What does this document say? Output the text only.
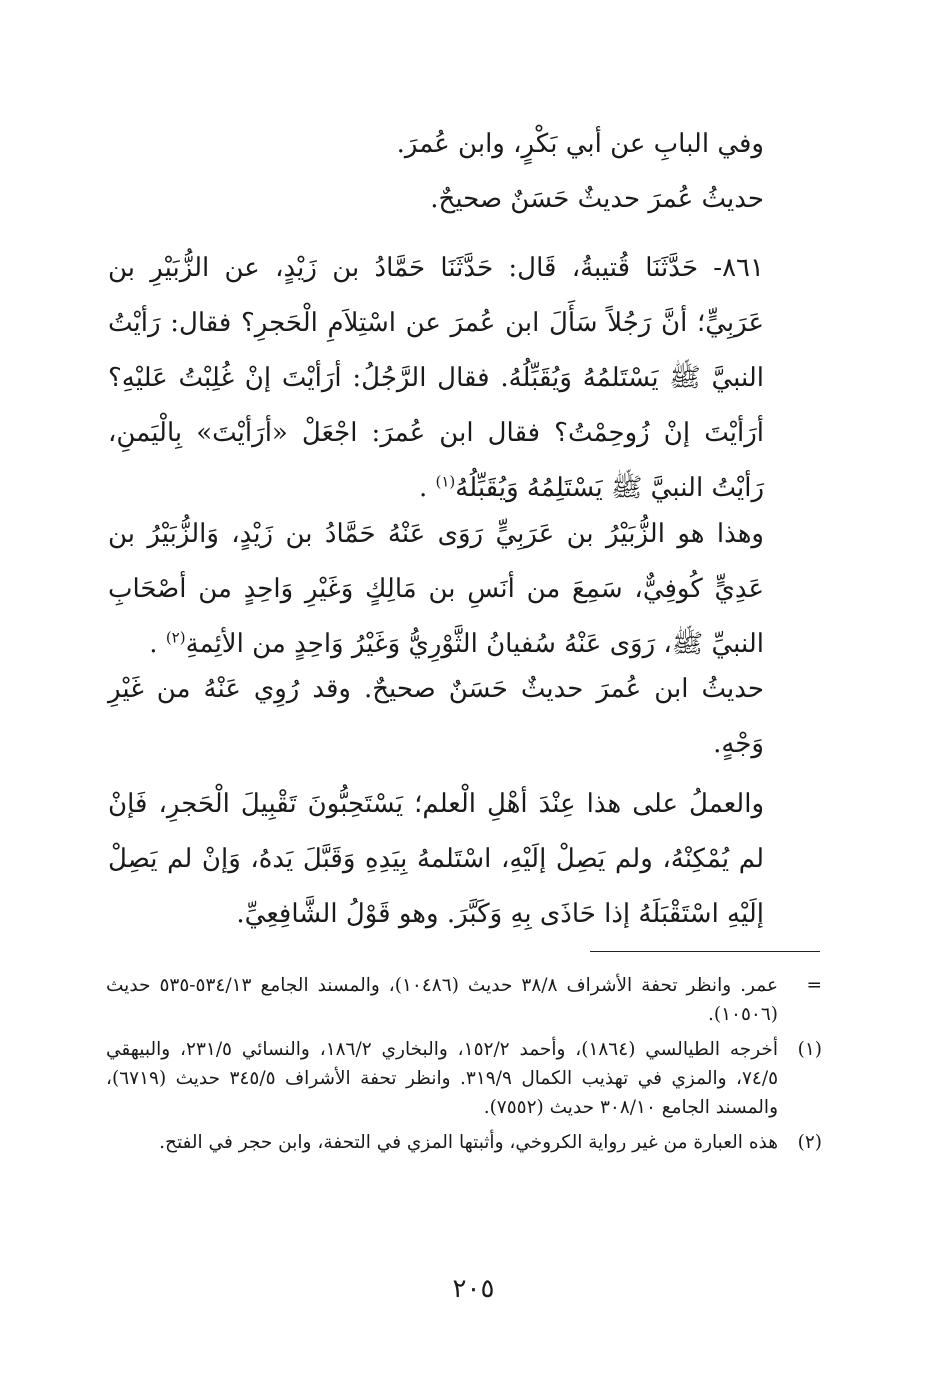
وفي البابِ عن أبي بَكْرٍ، وابن عُمرَ.

حديثُ عُمرَ حديثٌ حَسَنٌ صحيحٌ.

٨٦١- حَدَّثَنَا قُتيبةُ، قَال: حَدَّثَنَا حَمَّادُ بن زَيْدٍ، عن الزُّبَيْرِ بن عَرَبِيٍّ؛ أنَّ رَجُلاً سَأَلَ ابن عُمرَ عن اسْتِلاَمِ الْحَجرِ؟ فقال: رَأيْتُ النبيَّ ﷺ يَسْتَلمُهُ وَيُقَبِّلُهُ. فقال الرَّجُلُ: أرَأيْتَ إنْ غُلِبْتُ عَليْهِ؟ أرَأيْتَ إنْ زُوحِمْتُ؟ فقال ابن عُمرَ: اجْعَلْ «أرَأيْتَ» بِالْيَمنِ، رَأيْتُ النبيَّ ﷺ يَسْتَلِمُهُ وَيُقَبِّلُهُ$^{(١)}$ .

وهذا هو الزُّبَيْرُ بن عَرَبِيٍّ رَوَى عَنْهُ حَمَّادُ بن زَيْدٍ، وَالزُّبَيْرُ بن عَدِيٍّ كُوفِيٌّ، سَمِعَ من أنَسِ بن مَالِكٍ وَغَيْرِ وَاحِدٍ من أصْحَابِ النبيِّ ﷺ، رَوَى عَنْهُ سُفيانُ الثَّوْرِيُّ وَغَيْرُ وَاحِدٍ من الأئِمةِ$^{(٢)}$ .

حديثُ ابن عُمرَ حديثٌ حَسَنٌ صحيحٌ. وقد رُوِي عَنْهُ من غَيْرِ وَجْهٍ.

والعملُ على هذا عِنْدَ أهْلِ الْعلم؛ يَسْتَحِبُّونَ تَقْبِيلَ الْحَجرِ، فَإنْ لم يُمْكِنْهُ، ولم يَصِلْ إلَيْهِ، اسْتَلمهُ بِيَدِهِ وَقَبَّلَ يَدهُ، وَإنْ لم يَصِلْ إلَيْهِ اسْتَقْبَلَهُ إذا حَاذَى بِهِ وَكَبَّرَ. وهو قَوْلُ الشَّافِعِيِّ.

=
عمر. وانظر تحفة الأشراف ٣٨/٨ حديث (١٠٤٨٦)، والمسند الجامع ٥٣٤/١٣-٥٣٥ حديث (١٠٥٠٦).

(١)
أخرجه الطيالسي (١٨٦٤)، وأحمد ١٥٢/٢، والبخاري ١٨٦/٢، والنسائي ٢٣١/٥، والبيهقي ٧٤/٥، والمزي في تهذيب الكمال ٣١٩/٩. وانظر تحفة الأشراف ٣٤٥/٥ حديث (٦٧١٩)، والمسند الجامع ٣٠٨/١٠ حديث (٧٥٥٢).

(٢)
هذه العبارة من غير رواية الكروخي، وأثبتها المزي في التحفة، وابن حجر في الفتح.

٢٠٥
